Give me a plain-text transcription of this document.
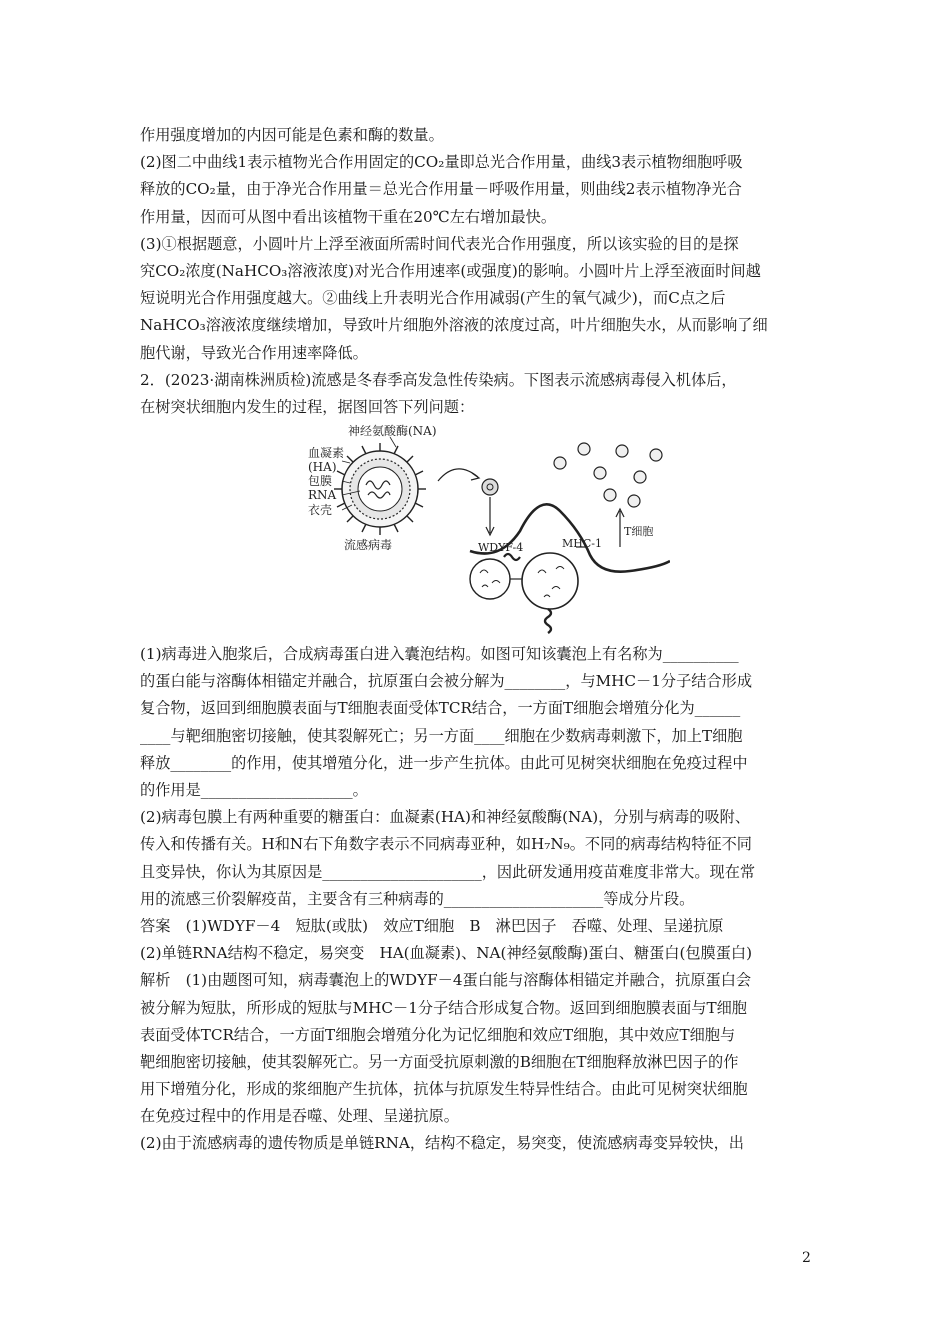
作用强度增加的内因可能是色素和酶的数量。
(2)图二中曲线1表示植物光合作用固定的CO₂量即总光合作用量，曲线3表示植物细胞呼吸
释放的CO₂量，由于净光合作用量＝总光合作用量－呼吸作用量，则曲线2表示植物净光合
作用量，因而可从图中看出该植物干重在20℃左右增加最快。
(3)①根据题意，小圆叶片上浮至液面所需时间代表光合作用强度，所以该实验的目的是探
究CO₂浓度(NaHCO₃溶液浓度)对光合作用速率(或强度)的影响。小圆叶片上浮至液面时间越
短说明光合作用强度越大。②曲线上升表明光合作用减弱(产生的氧气减少)，而C点之后
NaHCO₃溶液浓度继续增加，导致叶片细胞外溶液的浓度过高，叶片细胞失水，从而影响了细
胞代谢，导致光合作用速率降低。
2．(2023·湖南株洲质检)流感是冬春季高发急性传染病。下图表示流感病毒侵入机体后，
在树突状细胞内发生的过程，据图回答下列问题：
神经氨酸酶(NA)
血凝素
(HA)
包膜
RNA
衣壳
流感病毒	WDYF-4	MHC-1
T细胞
(1)病毒进入胞浆后，合成病毒蛋白进入囊泡结构。如图可知该囊泡上有名称为__________
的蛋白能与溶酶体相锚定并融合，抗原蛋白会被分解为________，与MHC－1分子结合形成
复合物，返回到细胞膜表面与T细胞表面受体TCR结合，一方面T细胞会增殖分化为______
____与靶细胞密切接触，使其裂解死亡；另一方面____细胞在少数病毒刺激下，加上T细胞
释放________的作用，使其增殖分化，进一步产生抗体。由此可见树突状细胞在免疫过程中
的作用是____________________。
(2)病毒包膜上有两种重要的糖蛋白：血凝素(HA)和神经氨酸酶(NA)，分别与病毒的吸附、
传入和传播有关。H和N右下角数字表示不同病毒亚种，如H₇N₉。不同的病毒结构特征不同
且变异快，你认为其原因是_____________________，因此研发通用疫苗难度非常大。现在常
用的流感三价裂解疫苗，主要含有三种病毒的_____________________等成分片段。
答案　(1)WDYF－4　短肽(或肽)　效应T细胞　B　淋巴因子　吞噬、处理、呈递抗原
(2)单链RNA结构不稳定，易突变　HA(血凝素)、NA(神经氨酸酶)蛋白、糖蛋白(包膜蛋白)
解析　(1)由题图可知，病毒囊泡上的WDYF－4蛋白能与溶酶体相锚定并融合，抗原蛋白会
被分解为短肽，所形成的短肽与MHC－1分子结合形成复合物。返回到细胞膜表面与T细胞
表面受体TCR结合，一方面T细胞会增殖分化为记忆细胞和效应T细胞，其中效应T细胞与
靶细胞密切接触，使其裂解死亡。另一方面受抗原刺激的B细胞在T细胞释放淋巴因子的作
用下增殖分化，形成的浆细胞产生抗体，抗体与抗原发生特异性结合。由此可见树突状细胞
在免疫过程中的作用是吞噬、处理、呈递抗原。
(2)由于流感病毒的遗传物质是单链RNA，结构不稳定，易突变，使流感病毒变异较快，出
2
